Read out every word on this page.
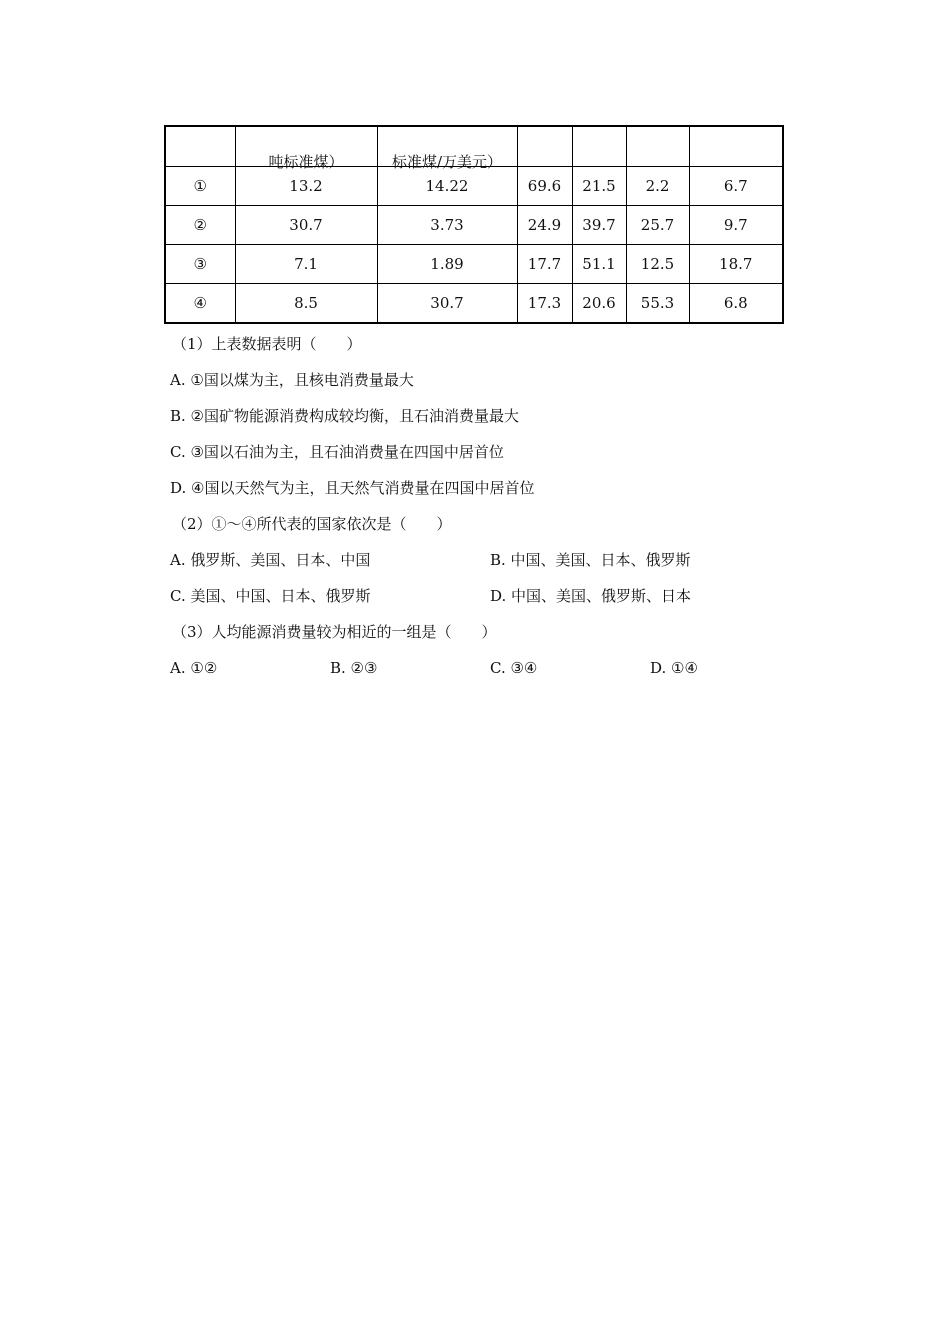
	吨标准煤）	标准煤/万美元）				
①	13.2	14.22	69.6	21.5	2.2	6.7
②	30.7	3.73	24.9	39.7	25.7	9.7
③	7.1	1.89	17.7	51.1	12.5	18.7
④	8.5	30.7	17.3	20.6	55.3	6.8
（1）上表数据表明（　　）
A. ①国以煤为主，且核电消费量最大
B. ②国矿物能源消费构成较均衡，且石油消费量最大
C. ③国以石油为主，且石油消费量在四国中居首位
D. ④国以天然气为主，且天然气消费量在四国中居首位
（2）①～④所代表的国家依次是（　　）
A. 俄罗斯、美国、日本、中国	B. 中国、美国、日本、俄罗斯
C. 美国、中国、日本、俄罗斯	D. 中国、美国、俄罗斯、日本
（3）人均能源消费量较为相近的一组是（　　）
A. ①②	B. ②③	C. ③④	D. ①④
